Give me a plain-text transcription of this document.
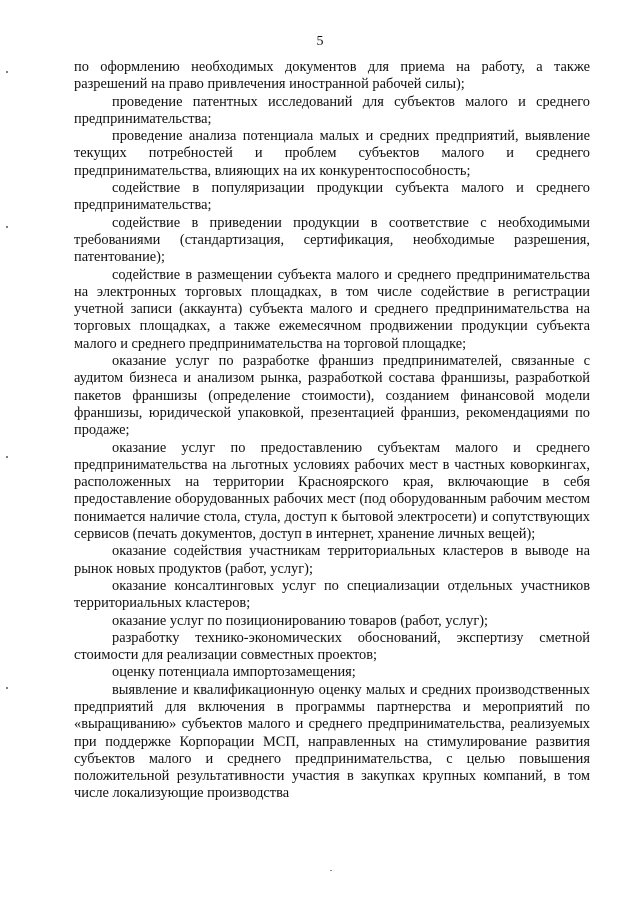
5

по оформлению необходимых документов для приема на работу, а также разрешений на право привлечения иностранной рабочей силы);

проведение патентных исследований для субъектов малого и среднего предпринимательства;

проведение анализа потенциала малых и средних предприятий, выявление текущих потребностей и проблем субъектов малого и среднего предпринимательства, влияющих на их конкурентоспособность;

содействие в популяризации продукции субъекта малого и среднего предпринимательства;

содействие в приведении продукции в соответствие с необходимыми требованиями (стандартизация, сертификация, необходимые разрешения, патентование);

содействие в размещении субъекта малого и среднего предпринимательства на электронных торговых площадках, в том числе содействие в регистрации учетной записи (аккаунта) субъекта малого и среднего предпринимательства на торговых площадках, а также ежемесячном продвижении продукции субъекта малого и среднего предпринимательства на торговой площадке;

оказание услуг по разработке франшиз предпринимателей, связанные с аудитом бизнеса и анализом рынка, разработкой состава франшизы, разработкой пакетов франшизы (определение стоимости), созданием финансовой модели франшизы, юридической упаковкой, презентацией франшиз, рекомендациями по продаже;

оказание услуг по предоставлению субъектам малого и среднего предпринимательства на льготных условиях рабочих мест в частных коворкингах, расположенных на территории Красноярского края, включающие в себя предоставление оборудованных рабочих мест (под оборудованным рабочим местом понимается наличие стола, стула, доступ к бытовой электросети) и сопутствующих сервисов (печать документов, доступ в интернет, хранение личных вещей);

оказание содействия участникам территориальных кластеров в выводе на рынок новых продуктов (работ, услуг);

оказание консалтинговых услуг по специализации отдельных участников территориальных кластеров;

оказание услуг по позиционированию товаров (работ, услуг);

разработку технико-экономических обоснований, экспертизу сметной стоимости для реализации совместных проектов;

оценку потенциала импортозамещения;

выявление и квалификационную оценку малых и средних производственных предприятий для включения в программы партнерства и мероприятий по «выращиванию» субъектов малого и среднего предпринимательства, реализуемых при поддержке Корпорации МСП, направленных на стимулирование развития субъектов малого и среднего предпринимательства, с целью повышения положительной результативности участия в закупках крупных компаний, в том числе локализующие производства
